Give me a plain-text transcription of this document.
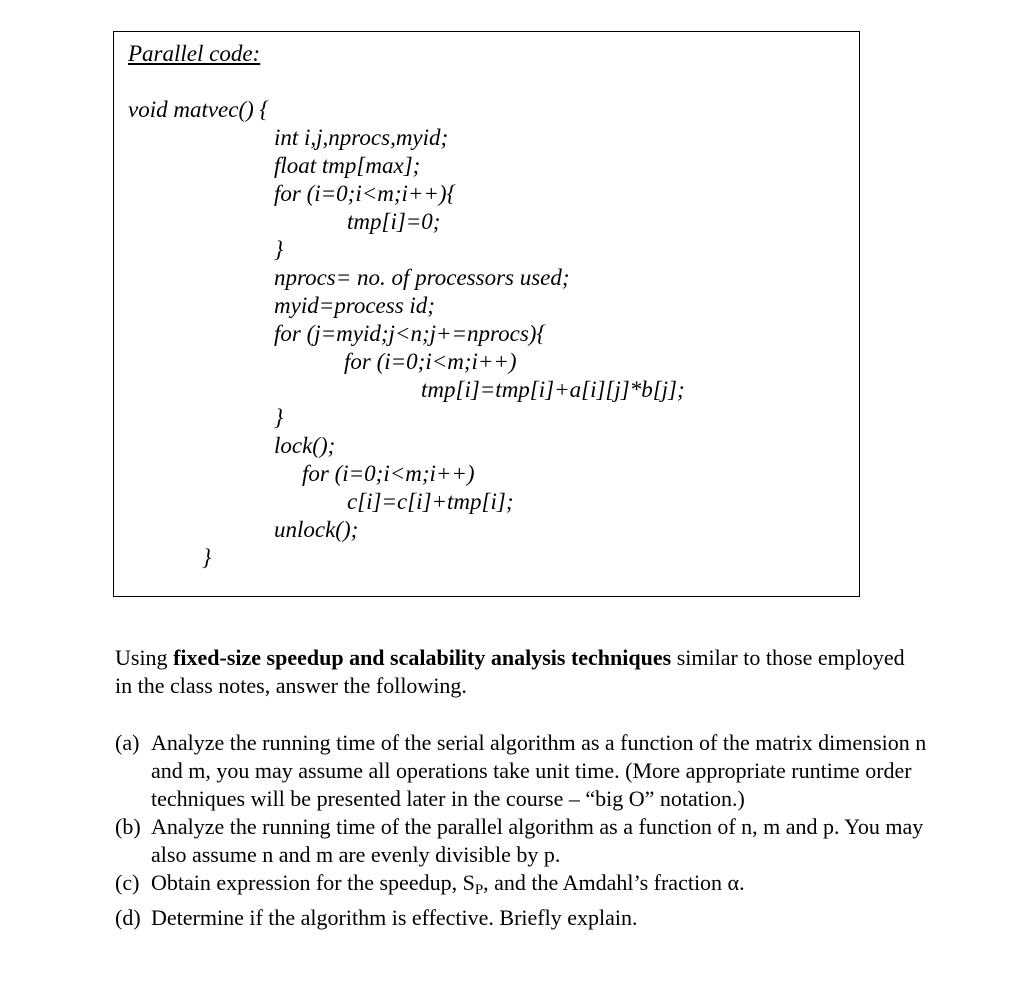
Parallel code:

void matvec() {

int i,j,nprocs,myid;

float tmp[max];

for (i=0;i<m;i++){

tmp[i]=0;

}

nprocs= no. of processors used;

myid=process id;

for (j=myid;j<n;j+=nprocs){

for (i=0;i<m;i++)

tmp[i]=tmp[i]+a[i][j]*b[j];

}

lock();

for (i=0;i<m;i++)

c[i]=c[i]+tmp[i];

unlock();

}

Using fixed-size speedup and scalability analysis techniques similar to those employed in the class notes, answer the following.

(a) Analyze the running time of the serial algorithm as a function of the matrix dimension n and m, you may assume all operations take unit time. (More appropriate runtime order techniques will be presented later in the course – “big O” notation.)
(b) Analyze the running time of the parallel algorithm as a function of n, m and p. You may also assume n and m are evenly divisible by p.
(c) Obtain expression for the speedup, $S_P$, and the Amdahl’s fraction α.
(d) Determine if the algorithm is effective. Briefly explain.
